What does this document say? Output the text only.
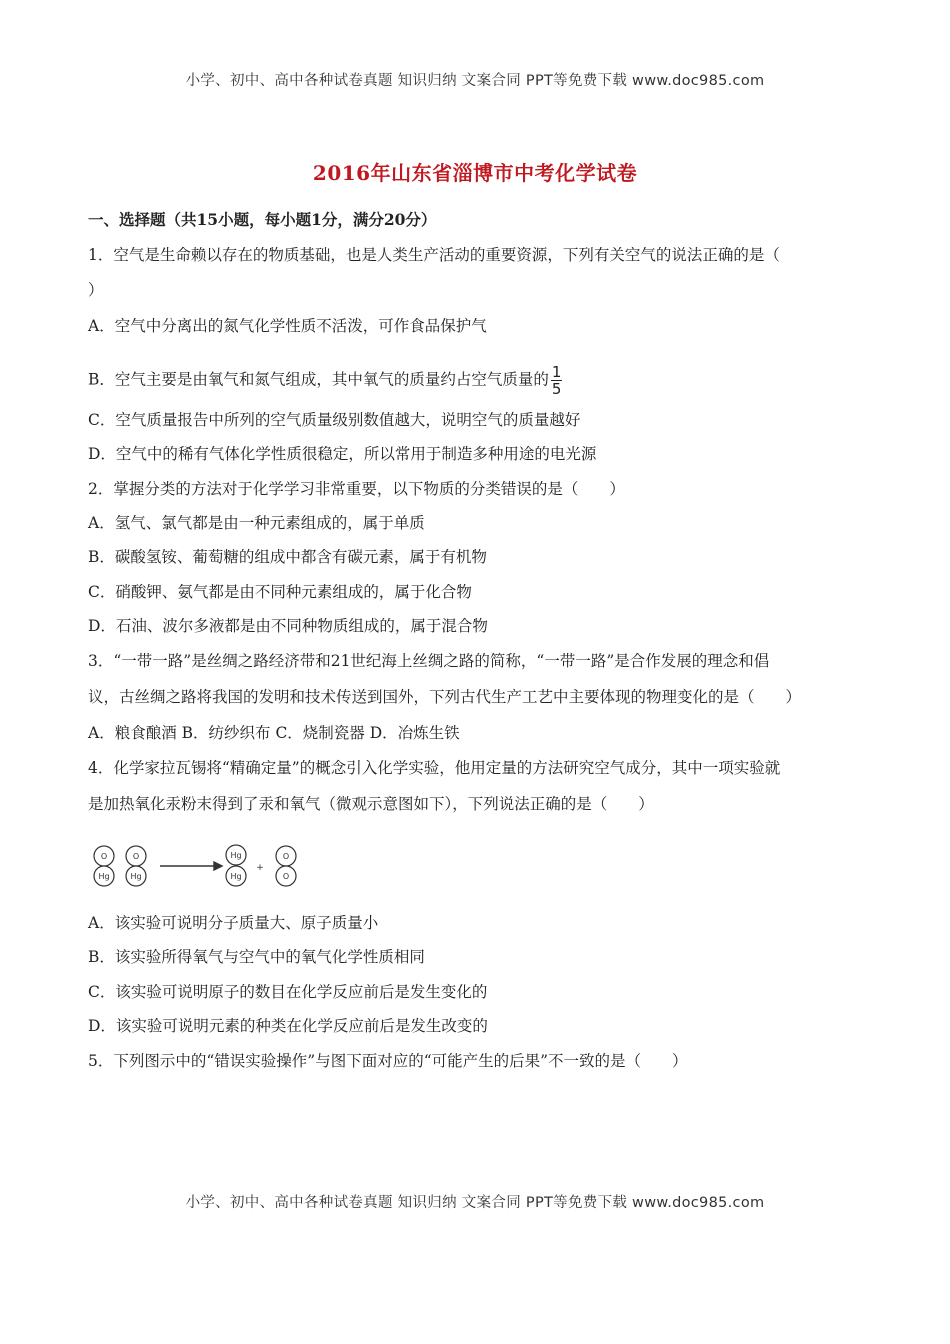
小学、初中、高中各种试卷真题 知识归纳 文案合同 PPT等免费下载 www.doc985.com
2016年山东省淄博市中考化学试卷
一、选择题（共15小题，每小题1分，满分20分）
1．空气是生命赖以存在的物质基础，也是人类生产活动的重要资源，下列有关空气的说法正确的是（
）
A．空气中分离出的氮气化学性质不活泼，可作食品保护气
B．空气主要是由氧气和氮气组成，其中氧气的质量约占空气质量的 $\frac{1}{5}$
C．空气质量报告中所列的空气质量级别数值越大，说明空气的质量越好
D．空气中的稀有气体化学性质很稳定，所以常用于制造多种用途的电光源
2．掌握分类的方法对于化学学习非常重要，以下物质的分类错误的是（　　）
A．氢气、氯气都是由一种元素组成的，属于单质
B．碳酸氢铵、葡萄糖的组成中都含有碳元素，属于有机物
C．硝酸钾、氨气都是由不同种元素组成的，属于化合物
D．石油、波尔多液都是由不同种物质组成的，属于混合物
3．“一带一路”是丝绸之路经济带和21世纪海上丝绸之路的简称，“一带一路”是合作发展的理念和倡
议，古丝绸之路将我国的发明和技术传送到国外，下列古代生产工艺中主要体现的物理变化的是（　　）
A．粮食酿酒 B．纺纱织布 C．烧制瓷器 D．冶炼生铁
4．化学家拉瓦锡将“精确定量”的概念引入化学实验，他用定量的方法研究空气成分，其中一项实验就
是加热氧化汞粉末得到了汞和氧气（微观示意图如下），下列说法正确的是（　　）
O
Hg
O
Hg
Hg
Hg
O
O
+
A．该实验可说明分子质量大、原子质量小
B．该实验所得氧气与空气中的氧气化学性质相同
C．该实验可说明原子的数目在化学反应前后是发生变化的
D．该实验可说明元素的种类在化学反应前后是发生改变的
5．下列图示中的“错误实验操作”与图下面对应的“可能产生的后果”不一致的是（　　）
小学、初中、高中各种试卷真题 知识归纳 文案合同 PPT等免费下载 www.doc985.com
